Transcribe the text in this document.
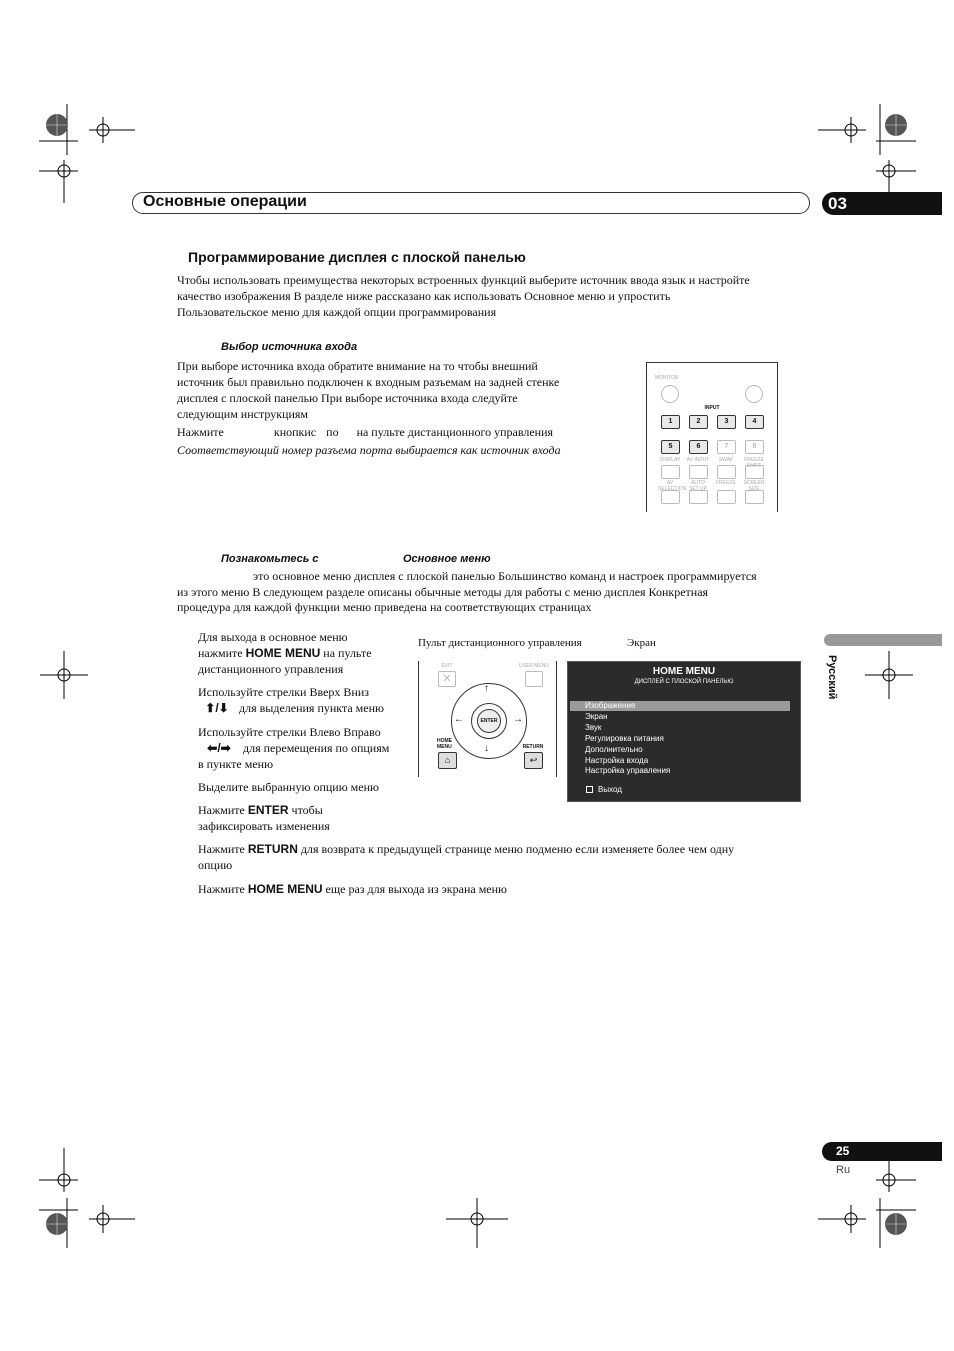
Основные операции	03
Русский
Программирование дисплея с плоской панелью
Чтобы использовать преимущества некоторых встроенных функций выберите источник ввода язык и настройте
качество изображения В разделе ниже рассказано как использовать Основное меню и упростить
Пользовательское меню для каждой опции программирования
Выбор источника входа
При выборе источника входа обратите внимание на то чтобы внешний
источник был правильно подключен к входным разъемам на задней стенке
дисплея с плоской панелью При выборе источника входа следуйте
следующим инструкциям
Нажмите	кнопкис по на пульте дистанционного управления
Соответствующий номер разъема порта выбирается как источник входа
MONITOR
INPUT
1	2	3	4
5	6	7	8
DISPLAY	AV INPUT	SWAP	FREEZE SHIFT
AV SELECTION
AUTO SET UP
FREEZE	SCREEN SIZE
Познакомьтесь с	Основное меню
это основное меню дисплея с плоской панелью Большинство команд и настроек программируется
из этого меню В следующем разделе описаны обычные методы для работы с меню дисплея Конкретная
процедура для каждой функции меню приведена на соответствующих страницах
Для выхода в основное меню
нажмите HOME MENU на пульте
дистанционного управления
Используйте стрелки Вверх Вниз
⬆/⬇ для выделения пункта меню
Используйте стрелки Влево Вправо
⬅/➡ для перемещения по опциям
в пункте меню
Выделите выбранную опцию меню
Нажмите ENTER чтобы
зафиксировать изменения
Нажмите RETURN для возврата к предыдущей странице меню подменю если изменяете более чем одну
опцию
Нажмите HOME MENU еще раз для выхода из экрана меню
Пульт дистанционного управления	Экран
EXIT
✕
USER MENU
ENTER
↑
↓
←	→
HOME MENU
⌂
RETURN
↩
HOME MENU
ДИСПЛЕЙ С ПЛОСКОЙ ПАНЕЛЬЮ
Изображение
Экран
Звук
Регулировка питания
Дополнительно
Настройка входа
Настройка управления
Выход
25
Ru
